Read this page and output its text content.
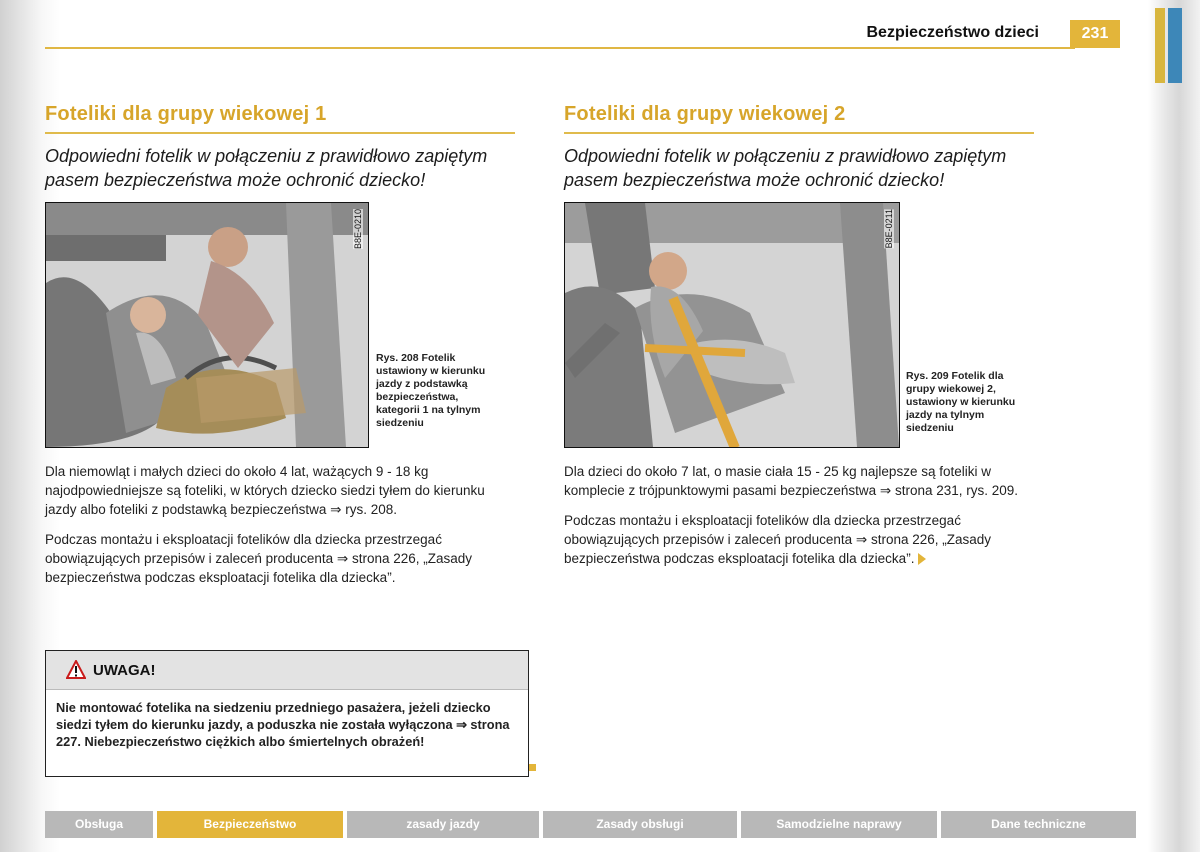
Bezpieczeństwo dzieci	231
Foteliki dla grupy wiekowej 1

Odpowiedni fotelik w połączeniu z prawidłowo zapiętym pasem bezpieczeństwa może ochronić dziecko!

B8E-0210
Rys. 208 Fotelik ustawiony w kierunku jazdy z podstawką bezpieczeństwa, kategorii 1 na tylnym siedzeniu

Dla niemowląt i małych dzieci do około 4 lat, ważących 9 - 18 kg najodpowiedniejsze są foteliki, w których dziecko siedzi tyłem do kierunku jazdy albo foteliki z podstawką bezpieczeństwa ⇒ rys. 208.

Podczas montażu i eksploatacji fotelików dla dziecka przestrzegać obowiązujących przepisów i zaleceń producenta ⇒ strona 226, „Zasady bezpieczeństwa podczas eksploatacji fotelika dla dziecka”.

UWAGA!
Nie montować fotelika na siedzeniu przedniego pasażera, jeżeli dziecko siedzi tyłem do kierunku jazdy, a poduszka nie została wyłączona ⇒ strona 227. Niebezpieczeństwo ciężkich albo śmiertelnych obrażeń!
Foteliki dla grupy wiekowej 2

Odpowiedni fotelik w połączeniu z prawidłowo zapiętym pasem bezpieczeństwa może ochronić dziecko!

B8E-0211
Rys. 209 Fotelik dla grupy wiekowej 2, ustawiony w kierunku jazdy na tylnym siedzeniu

Dla dzieci do około 7 lat, o masie ciała 15 - 25 kg najlepsze są foteliki w komplecie z trójpunktowymi pasami bezpieczeństwa ⇒ strona 231, rys. 209.

Podczas montażu i eksploatacji fotelików dla dziecka przestrzegać obowiązujących przepisów i zaleceń producenta ⇒ strona 226, „Zasady bezpieczeństwa podczas eksploatacji fotelika dla dziecka”.

Obsługa	Bezpieczeństwo	zasady jazdy	Zasady obsługi	Samodzielne naprawy	Dane techniczne
